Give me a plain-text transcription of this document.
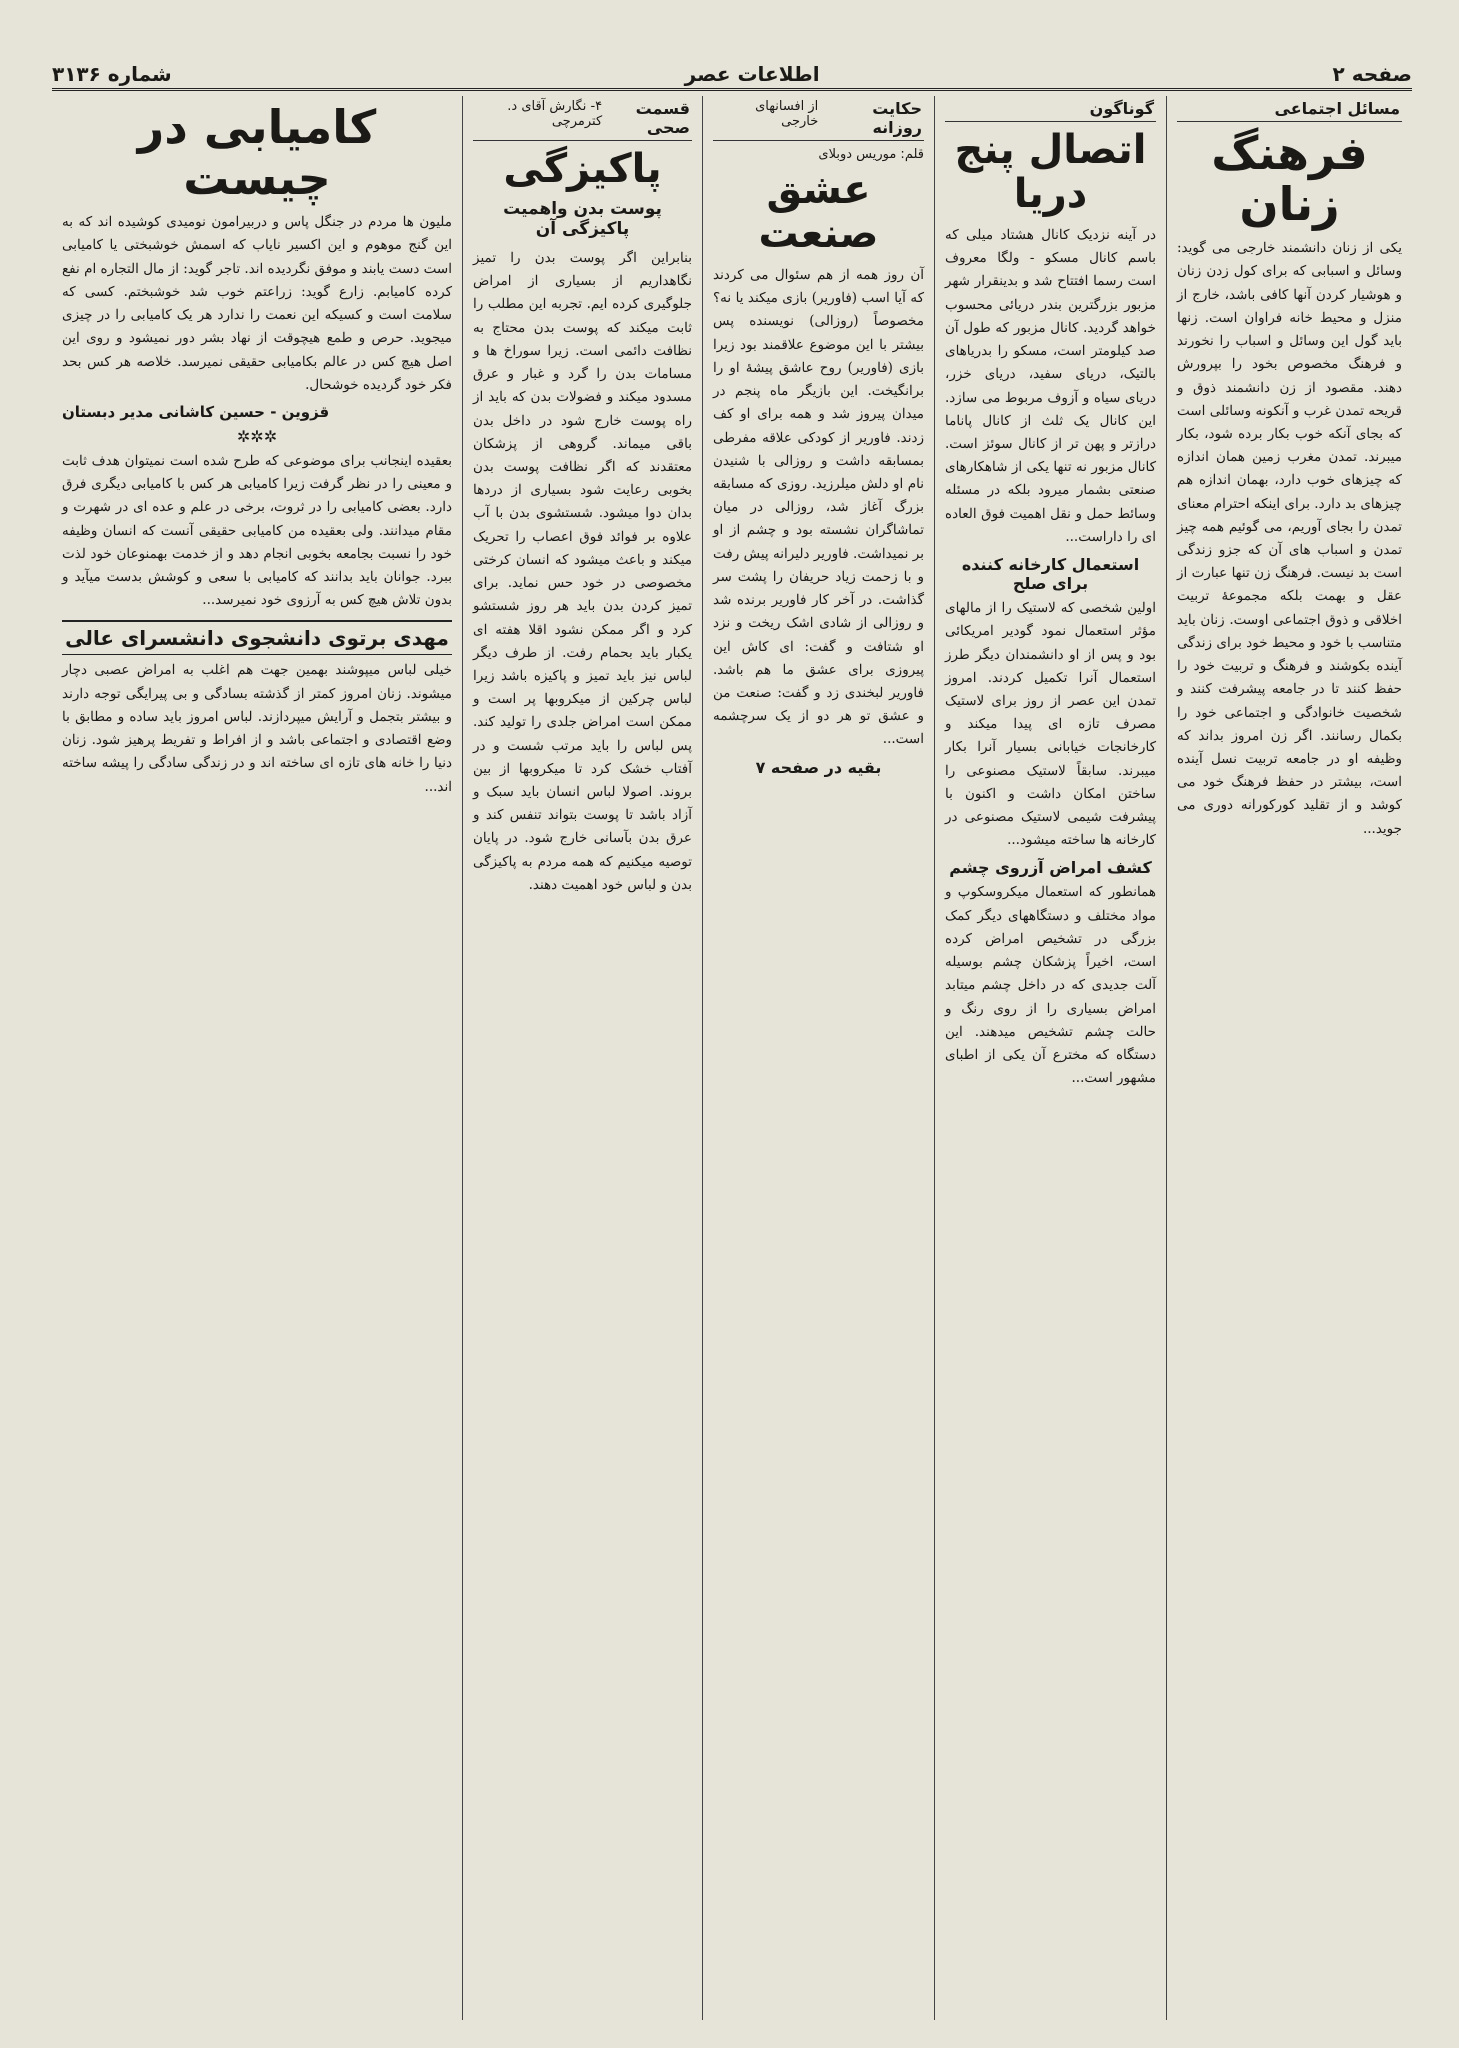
صفحه ۲
اطلاعات عصر
شماره ۳۱۳۶
مسائل اجتماعی
فرهنگ زنان
یکی از زنان دانشمند خارجی می گوید: وسائل و اسبابی که برای کول زدن زنان و هوشیار کردن آنها کافی باشد، خارج از منزل و محیط خانه فراوان است. زنها باید گول این وسائل و اسباب را نخورند و فرهنگ مخصوص بخود را بپرورش دهند. مقصود از زن دانشمند ذوق و قریحه تمدن غرب و آنکونه وسائلی است که بجای آنکه خوب بکار برده شود، بکار میبرند. تمدن مغرب زمین همان اندازه که چیزهای خوب دارد، بهمان اندازه هم چیزهای بد دارد. برای اینکه احترام معنای تمدن را بجای آوریم، می گوئیم همه چیز تمدن و اسباب های آن که جزو زندگی است بد نیست. فرهنگ زن تنها عبارت از عقل و بهمت بلکه مجموعۀ تربیت اخلاقی و ذوق اجتماعی اوست. زنان باید متناسب با خود و محیط خود برای زندگی آینده بکوشند و فرهنگ و تربیت خود را حفظ کنند تا در جامعه پیشرفت کنند و شخصیت خانوادگی و اجتماعی خود را بکمال رسانند. اگر زن امروز بداند که وظیفه او در جامعه تربیت نسل آینده است، بیشتر در حفظ فرهنگ خود می کوشد و از تقلید کورکورانه دوری می جوید...
گوناگون
اتصال پنج دریا
در آینه نزدیک کانال هشتاد میلی که باسم کانال مسکو - ولگا معروف است رسما افتتاح شد و بدینقرار شهر مزبور بزرگترین بندر دریائی محسوب خواهد گردید. کانال مزبور که طول آن صد کیلومتر است، مسکو را بدریاهای بالتیک، دریای سفید، دریای خزر، دریای سیاه و آزوف مربوط می سازد. این کانال یک ثلث از کانال پاناما درازتر و پهن تر از کانال سوئز است. کانال مزبور نه تنها یکی از شاهکارهای صنعتی بشمار میرود بلکه در مسئله وسائط حمل و نقل اهمیت فوق العاده ای را داراست...
استعمال کارخانه کننده برای صلح
اولین شخصی که لاستیک را از مالهای مؤثر استعمال نمود گودیر امریکائی بود و پس از او دانشمندان دیگر طرز استعمال آنرا تکمیل کردند. امروز تمدن این عصر از روز برای لاستیک مصرف تازه ای پیدا میکند و کارخانجات خیابانی بسیار آنرا بکار میبرند. سابقاً لاستیک مصنوعی را ساختن امکان داشت و اکنون با پیشرفت شیمی لاستیک مصنوعی در کارخانه ها ساخته میشود...
کشف امراض آزروی چشم
همانطور که استعمال میکروسکوپ و مواد مختلف و دستگاههای دیگر کمک بزرگی در تشخیص امراض کرده است، اخیراً پزشکان چشم بوسیله آلت جدیدی که در داخل چشم میتابد امراض بسیاری را از روی رنگ و حالت چشم تشخیص میدهند. این دستگاه که مخترع آن یکی از اطبای مشهور است...
حکایت روزانه
از افسانهای خارجی
قلم: موریس دوبلای
عشق صنعت
آن روز همه از هم سئوال می کردند که آیا اسب (فاوریر) بازی میکند یا نه؟ مخصوصاً (روزالی) نویسنده پس بیشتر با این موضوع علاقمند بود زیرا بازی (فاوریر) روح عاشق پیشۀ او را برانگیخت. این بازیگر ماه پنجم در میدان پیروز شد و همه برای او کف زدند. فاوریر از کودکی علاقه مفرطی بمسابقه داشت و روزالی با شنیدن نام او دلش میلرزید. روزی که مسابقه بزرگ آغاز شد، روزالی در میان تماشاگران نشسته بود و چشم از او بر نمیداشت. فاوریر دلیرانه پیش رفت و با زحمت زیاد حریفان را پشت سر گذاشت. در آخر کار فاوریر برنده شد و روزالی از شادی اشک ریخت و نزد او شتافت و گفت: ای کاش این پیروزی برای عشق ما هم باشد. فاوریر لبخندی زد و گفت: صنعت من و عشق تو هر دو از یک سرچشمه است...
بقیه در صفحه ۷
قسمت صحی
۴- نگارش آقای د. کترمرچی
پاکیزگی
پوست بدن واهمیت پاکیزگی آن
بنابراین اگر پوست بدن را تمیز نگاهداریم از بسیاری از امراض جلوگیری کرده ایم. تجربه این مطلب را ثابت میکند که پوست بدن محتاج به نظافت دائمی است. زیرا سوراخ ها و مسامات بدن را گرد و غبار و عرق مسدود میکند و فضولات بدن که باید از راه پوست خارج شود در داخل بدن باقی میماند. گروهی از پزشکان معتقدند که اگر نظافت پوست بدن بخوبی رعایت شود بسیاری از دردها بدان دوا میشود. شستشوی بدن با آب علاوه بر فوائد فوق اعصاب را تحریک میکند و باعث میشود که انسان کرختی مخصوصی در خود حس نماید. برای تمیز کردن بدن باید هر روز شستشو کرد و اگر ممکن نشود اقلا هفته ای یکبار باید بحمام رفت. از طرف دیگر لباس نیز باید تمیز و پاکیزه باشد زیرا لباس چرکین از میکروبها پر است و ممکن است امراض جلدی را تولید کند. پس لباس را باید مرتب شست و در آفتاب خشک کرد تا میکروبها از بین بروند. اصولا لباس انسان باید سبک و آزاد باشد تا پوست بتواند تنفس کند و عرق بدن بآسانی خارج شود. در پایان توصیه میکنیم که همه مردم به پاکیزگی بدن و لباس خود اهمیت دهند.
کامیابی در چیست
ملیون ها مردم در جنگل پاس و دربیرامون نومیدی کوشیده اند که به این گنج موهوم و این اکسیر نایاب که اسمش خوشبختی یا کامیابی است دست یابند و موفق نگردیده اند. تاجر گوید: از مال التجاره ام نفع کرده کامیابم. زارع گوید: زراعتم خوب شد خوشبختم. کسی که سلامت است و کسیکه این نعمت را ندارد هر یک کامیابی را در چیزی میجوید. حرص و طمع هیچوقت از نهاد بشر دور نمیشود و روی این اصل هیچ کس در عالم بکامیابی حقیقی نمیرسد. خلاصه هر کس بحد فکر خود گردیده خوشحال.
قزوین - حسین کاشانی مدیر دبستان
✲✲✲
بعقیده اینجانب برای موضوعی که طرح شده است نمیتوان هدف ثابت و معینی را در نظر گرفت زیرا کامیابی هر کس با کامیابی دیگری فرق دارد. بعضی کامیابی را در ثروت، برخی در علم و عده ای در شهرت و مقام میدانند. ولی بعقیده من کامیابی حقیقی آنست که انسان وظیفه خود را نسبت بجامعه بخوبی انجام دهد و از خدمت بهمنوعان خود لذت ببرد. جوانان باید بدانند که کامیابی با سعی و کوشش بدست میآید و بدون تلاش هیچ کس به آرزوی خود نمیرسد...
مهدی برتوی دانشجوی دانشسرای عالی
خیلی لباس میپوشند بهمین جهت هم اغلب به امراض عصبی دچار میشوند. زنان امروز کمتر از گذشته بسادگی و بی پیرایگی توجه دارند و بیشتر بتجمل و آرایش میپردازند. لباس امروز باید ساده و مطابق با وضع اقتصادی و اجتماعی باشد و از افراط و تفریط پرهیز شود. زنان دنیا را خانه های تازه ای ساخته اند و در زندگی سادگی را پیشه ساخته اند...
